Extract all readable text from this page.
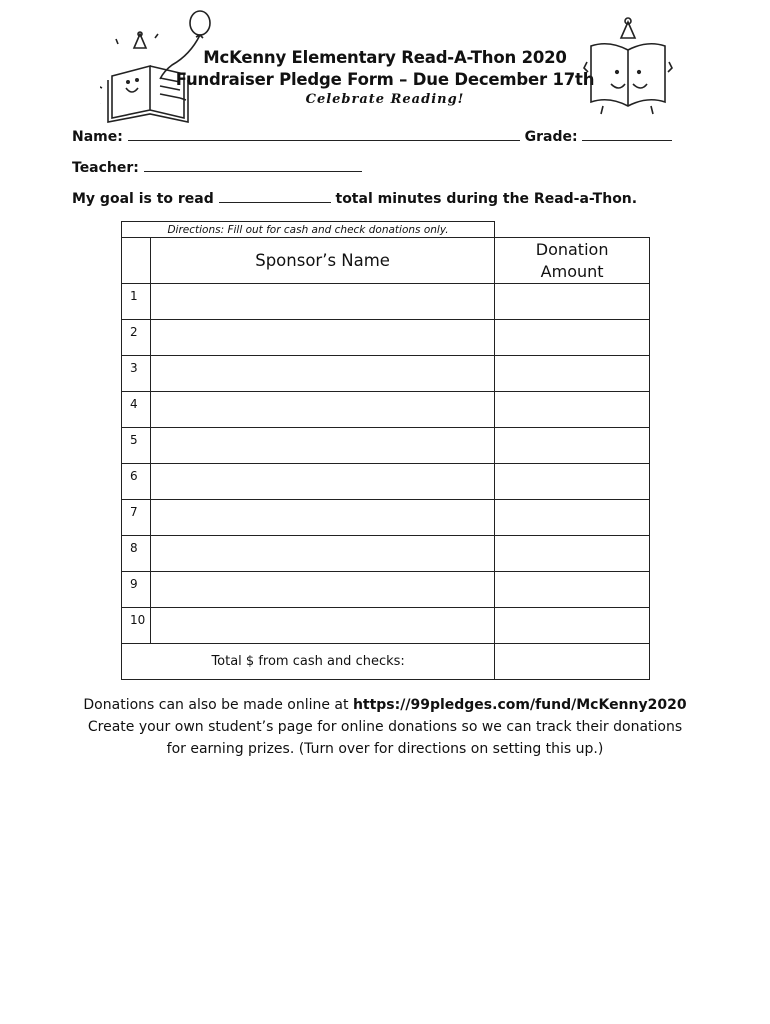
McKenny Elementary Read-A-Thon 2020
Fundraiser Pledge Form – Due December 17th
Celebrate Reading!
Name:	Grade:
Teacher:
My goal is to read	total minutes during the Read-a-Thon.
Directions: Fill out for cash and check donations only.
	Sponsor’s Name	Donation
Amount

1		
2		
3		
4		
5		
6		
7		
8		
9		
10		
Total $ from cash and checks:		
Donations can also be made online at https://99pledges.com/fund/McKenny2020
Create your own student’s page for online donations so we can track their donations
for earning prizes. (Turn over for directions on setting this up.)
